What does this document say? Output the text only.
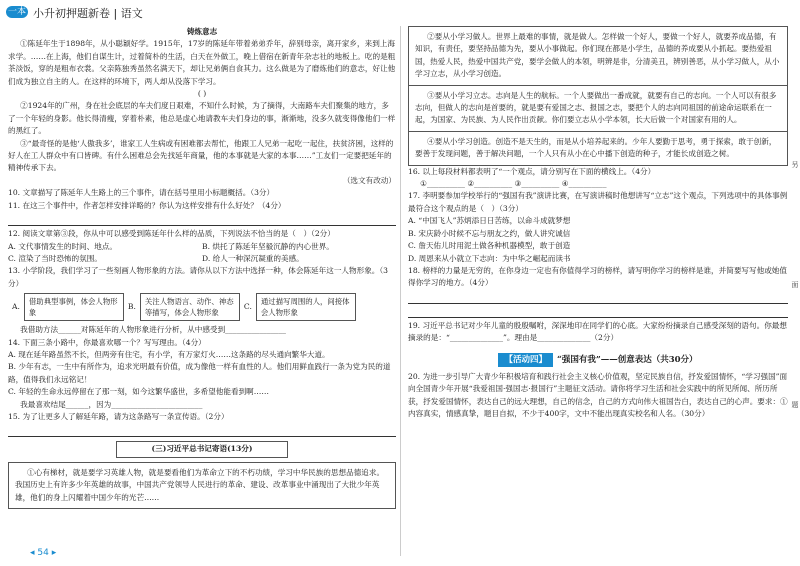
一本 小升初押题新卷 | 语文

铸炼意志

①陈延年生于1898年，从小聪颖好学。1915年，17岁的陈延年带着弟弟乔年，辞别母亲，离开家乡，来到上海求学。……在上海，他们自谋生计，过着简朴的生活，白天在外做工，晚上借宿在新青年杂志社的地板上。吃的是粗茶淡饭，穿的是粗布衣裳。父亲陈独秀虽然名满天下，却让兄弟俩自食其力。这么做是为了磨炼他们的意志，好让他们成为独立自主的人。在这样的环境下，两人却从没落下学习。

( )

②1924年的广州，身在社会底层的车夫们度日艰难，不知什么时候，为了摘得，大南路车夫们聚集的地方，多了一个年轻的身影。他长得清瘦，穿着朴素，他总是虚心地请教车夫们身边的事，渐渐地，没多久就变得像他们一样的黑红了。

③“最奇怪的是他‘人傲我多’，谁家工人生病或有困难都去帮忙，他跟工人兄弟一起吃一起住，扶贫济困，这样的好人在工人群众中有口皆碑。有什么困难总会先找延年商量，他的本事就是大家的本事……”工友们一定要把延年的精神传承下去。

（选文有改动）

10. 文章描写了陈延年人生路上的三个事件，请在括号里用小标题概括。（3分）

11. 在这三个事件中，作者怎样安排详略的？你认为这样安排有什么好处？（4分）

12. 阅读文章第③段，你从中可以感受到陈延年什么样的品质，下列说法不恰当的是（　）（2分）

A. 文代事情发生的时间、地点。	B. 烘托了陈延年坚毅沉静的内心世界。

C. 渲染了当时恐怖的氛围。	D. 给人一种深沉凝重的美感。

13. 小学阶段，我们学习了一些刻画人物形象的方法。请你从以下方法中选择一种，体会陈延年这一人物形象。（3分）

A.
借助典型事例，体会人物形象
B.
关注人物语言、动作、神态等描写，体会人物形象
C.
通过描写周围的人，间接体会人物形象

我借助方法______对陈延年的人物形象进行分析，从中感受到________________

14. 下面三条小路中，你最喜欢哪一个？写写理由。（4分）

A. 现在延年路虽然不长，但两旁有住宅，有小学，有万家灯火……这条路的尽头通向繁华大道。

B. 少年有志，一生中有所作为，追求光明最有价值，成为像他一样有血性的人。他们用鲜血践行一条为党为民的道路，值得我们永远铭记！

C. 年轻的生命永远停留在了那一刻，如今这繁华盛世，多希望他能看到啊……

我最喜欢结尾______，因为________________________

15. 为了让更多人了解延年路，请为这条路写一条宣传语。（2分）

(三)习近平总书记寄语(13分)

①心有梯材，就是要学习英雄人物，就是要看他们为革命立下的不朽功绩，学习中华民族的思想品德追求。我国历史上有许多少年英雄的故事，中国共产党领导人民进行的革命、建设、改革事业中涌现出了大批少年英雄，他们的身上闪耀着中国少年的光芒……

②要从小学习做人。世界上最难的事情，就是做人。怎样做一个好人，要做一个好人，就要养成品德，有知识，有责任，要坚持品德为先，要从小事做起。你们现在都是小学生，品德的养成要从小抓起。要热爱祖国，热爱人民，热爱中国共产党，要学会做人的本领，明辨是非，分清美丑，辨别善恶，从小学习做人，从小学习立志，从小学习创造。

③要从小学习立志。志向是人生的航标。一个人要做出一番成就，就要有自己的志向。一个人可以有很多志向，但做人的志向是首要的，就是要有爱国之志、报国之志，要把个人的志向同祖国的前途命运联系在一起，为国家、为民族、为人民作出贡献。你们要立志从小学本领，长大后做一个对国家有用的人。

④要从小学习创造。创造不是天生的，而是从小培养起来的。少年人要勤于思考，勇于探索，敢于创新，要善于发现问题，善于解决问题，一个人只有从小在心中播下创造的种子，才能长成创造之树。

16. 以上每段材料都表明了“一个观点，请分别写在下面的横线上。（4分）

①__________ ②__________ ③__________ ④__________

17. 李明要参加学校举行的“强国有我”演讲比赛，在写演讲稿时他想讲写“立志”这个观点，下列选项中的具体事例最符合这个观点的是（　）（3分）

A. “中国飞人”苏炳添日日苦练，以命斗成就梦想

B. 宋庆龄小时候不忘与朋友之约，做人讲究诚信

C. 詹天佑儿时用泥土做各种机器模型，敢于创造

D. 周恩来从小就立下志向：为中华之崛起而读书

18. 榜样的力量是无穷的，在你身边一定也有你值得学习的榜样，请写明你学习的榜样是谁，并简要写写他或她值得你学习的地方。（4分）

19. 习近平总书记对少年儿童的殷殷嘱咐，深深地印在同学们的心底。大家纷纷摘录自己感受深刻的语句。你最想摘录的是：“______________”。理由是______________（2分）

【活动四】	“强国有我”——创意表达（共30分）

20. 为进一步引导广大青少年积极培育和践行社会主义核心价值观，坚定民族自信，抒发爱国情怀，“学习强国”面向全国青少年开展“我爱祖国·强国志·报国行”主题征文活动。请你将学习生活和社会实践中的所见所闻、所历所获，抒发爱国情怀，表达自己的远大理想，自己的信念，自己的方式向伟大祖国告白，表达自己的心声。要求：①内容真实，情感真挚，题目自拟，不少于400字，文中不能出现真实校名和人名。（30分）

◂ 54 ▸
另
面
题
